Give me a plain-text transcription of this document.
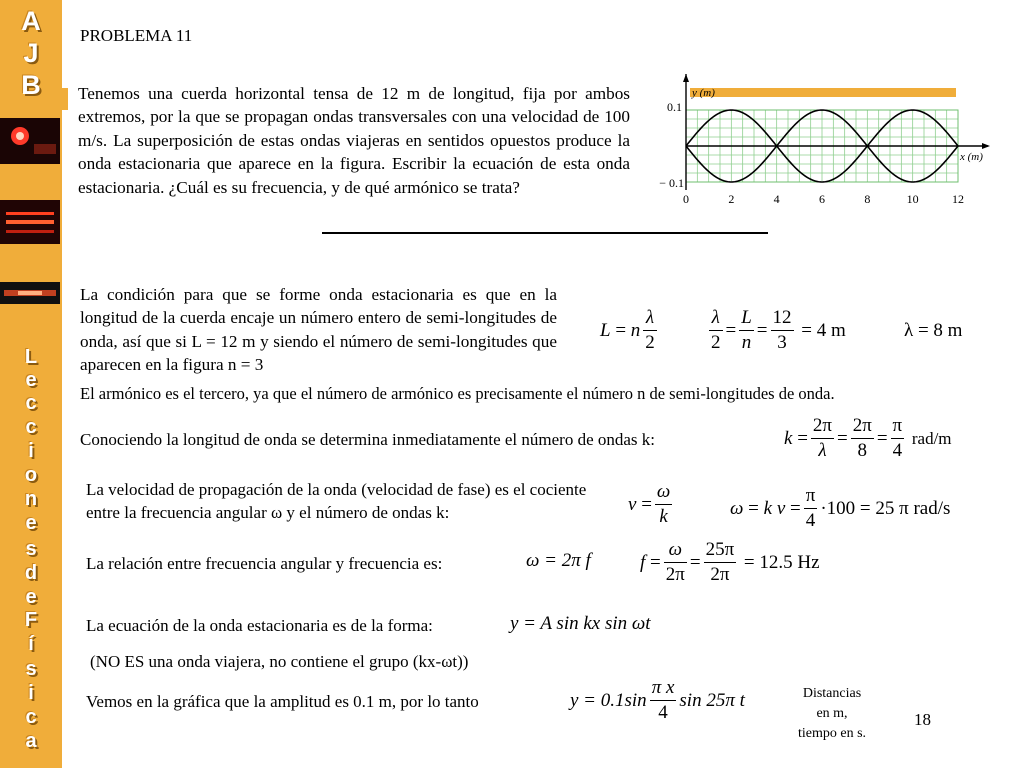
A
J
B
L
e
c
c
i
o
n
e
s
d
e
F
í
s
i
c
a
PROBLEMA 11
Tenemos una cuerda horizontal tensa de 12 m de longitud, fija por ambos extremos, por la que se propagan ondas transversales con una velocidad de 100 m/s. La superposición de estas ondas viajeras en sentidos opuestos produce la onda estacionaria que aparece en la figura. Escribir la ecuación de esta onda estacionaria. ¿Cuál es su frecuencia, y de qué armónico se trata?
y (m)
x (m)
0.1
− 0.1
0	2	4	6	8	10	12
La condición para que se forme onda estacionaria es que en la longitud de la cuerda encaje un número entero de semi-longitudes de onda, así que si L = 12 m y siendo el número de semi-longitudes que aparecen en la figura n = 3
L
=
n $\frac{\lambda}{2}$	$\frac{\lambda}{2} = \frac{L}{n} = \frac{12}{3}$
= 4 m	λ = 8 m
El armónico es el tercero, ya que el número de armónico es precisamente el número n de semi-longitudes de onda.
Conociendo la longitud de onda se determina inmediatamente el número de ondas k:	k
= $\frac{2\pi}{\lambda} = \frac{2\pi}{8} = \frac{\pi}{4}$
rad/m
La velocidad de propagación de la onda (velocidad de fase) es el cociente entre la frecuencia angular ω y el número de ondas k:	v
= $\frac{\omega}{k}$	ω
=
k v
= $\frac{\pi}{4} \cdot 100 = 25$ π rad/s
La relación entre frecuencia angular y frecuencia es:	ω = 2π f	f
= $\frac{\omega}{2\pi} = \frac{25\pi}{2\pi}$
= 12.5 Hz
La ecuación de la onda estacionaria es de la forma:	y = A sin kx sin ωt
(NO ES una onda viajera, no contiene el grupo (kx-ωt))
Vemos en la gráfica que la amplitud es 0.1 m, por lo tanto	$y = 0.1\sin \frac{\text{π x}}{4}$ sin 25π t	Distancias
en m,
tiempo en s.
18
